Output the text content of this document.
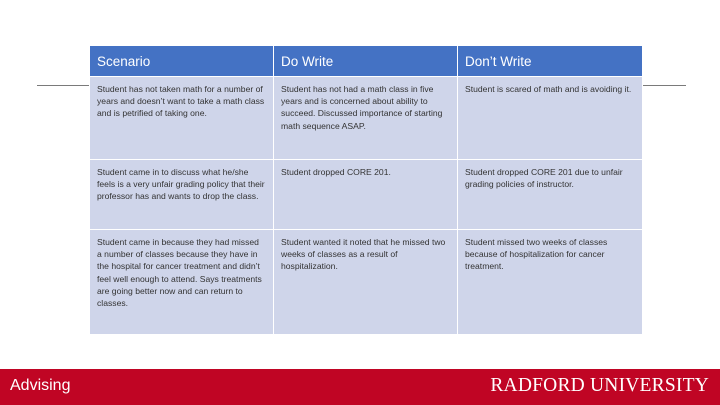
Scenario	Do Write	Don’t Write
Student has not taken math for a number of years and doesn’t want to take a math class and is petrified of taking one.	Student has not had a math class in five years and is concerned about ability to succeed. Discussed importance of starting math sequence ASAP.	Student is scared of math and is avoiding it.
Student came in to discuss what he/she feels is a very unfair grading policy that their professor has and wants to drop the class.	Student dropped CORE 201.	Student dropped CORE 201 due to unfair grading policies of instructor.
Student came in because they had missed a number of classes because they have in the hospital for cancer treatment and didn’t feel well enough to attend. Says treatments are going better now and can return to classes.	Student wanted it noted that he missed two weeks of classes as a result of hospitalization.	Student missed two weeks of classes because of hospitalization for cancer treatment.
Advising	RADFORD UNIVERSITY
